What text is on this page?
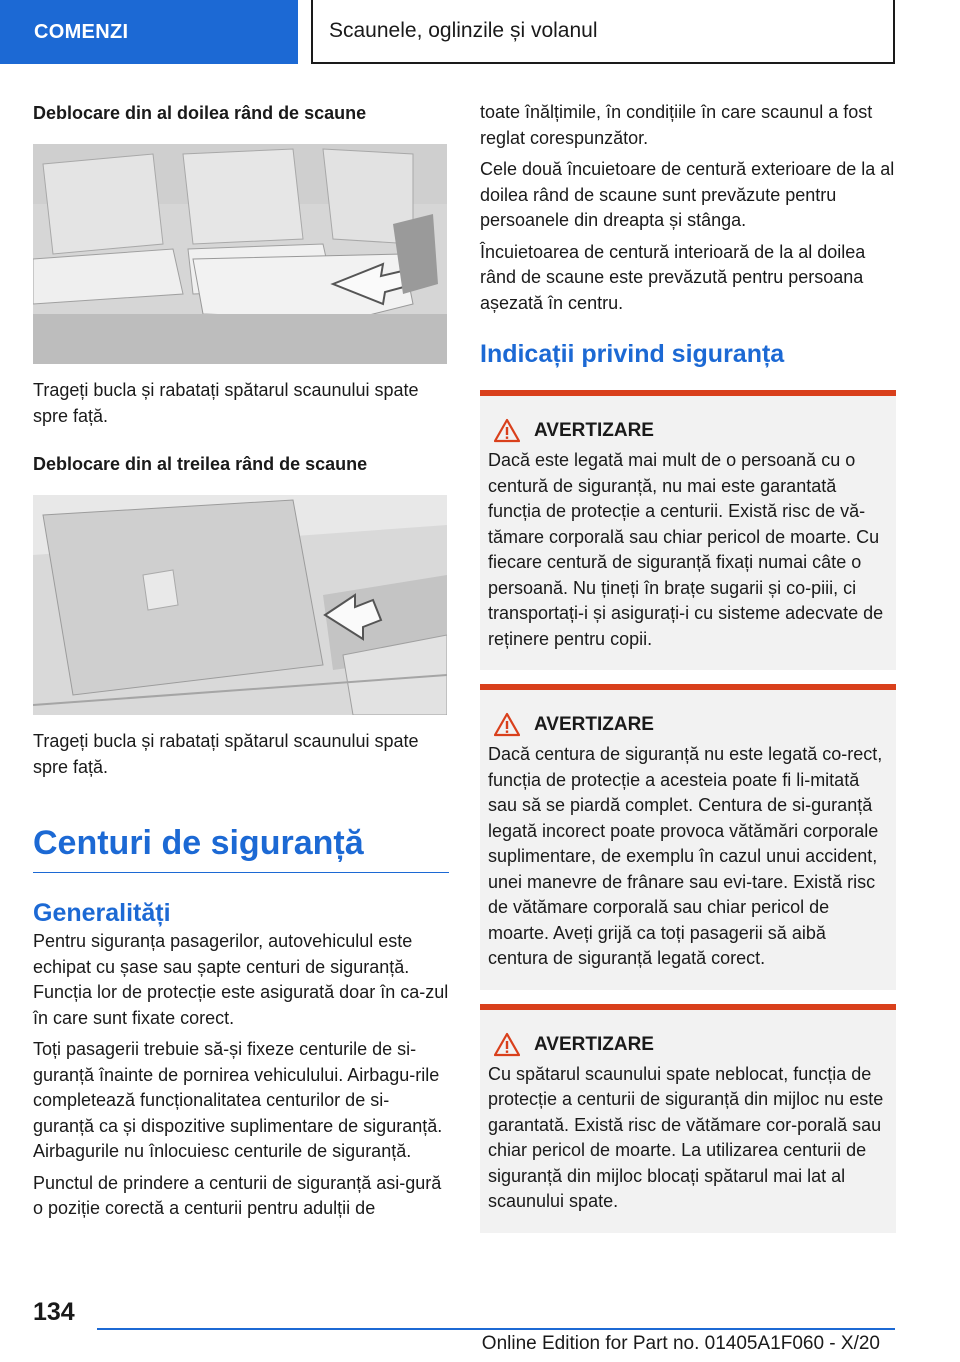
COMENZI	Scaunele, oglinzile și volanul
Deblocare din al doilea rând de scaune
Trageți bucla și rabatați spătarul scaunului spate spre față.
Deblocare din al treilea rând de scaune
Trageți bucla și rabatați spătarul scaunului spate spre față.
Centuri de siguranță
Generalități
Pentru siguranța pasagerilor, autovehiculul este echipat cu șase sau șapte centuri de siguranță. Funcția lor de protecție este asigurată doar în ca-zul în care sunt fixate corect.
Toți pasagerii trebuie să-și fixeze centurile de si-guranță înainte de pornirea vehiculului. Airbagu-rile completează funcționalitatea centurilor de si-guranță ca și dispozitive suplimentare de siguranță. Airbagurile nu înlocuiesc centurile de siguranță.
Punctul de prindere a centurii de siguranță asi-gură o poziție corectă a centurii pentru adulții de
toate înălțimile, în condițiile în care scaunul a fost reglat corespunzător.
Cele două încuietoare de centură exterioare de la al doilea rând de scaune sunt prevăzute pentru persoanele din dreapta și stânga.
Încuietoarea de centură interioară de la al doilea rând de scaune este prevăzută pentru persoana așezată în centru.
Indicații privind siguranța
AVERTIZARE
Dacă este legată mai mult de o persoană cu o centură de siguranță, nu mai este garantată funcția de protecție a centurii. Există risc de vă-tămare corporală sau chiar pericol de moarte. Cu fiecare centură de siguranță fixați numai câte o persoană. Nu țineți în brațe sugarii și co-piii, ci transportați-i și asigurați-i cu sisteme adecvate de reținere pentru copii.
AVERTIZARE
Dacă centura de siguranță nu este legată co-rect, funcția de protecție a acesteia poate fi li-mitată sau să se piardă complet. Centura de si-guranță legată incorect poate provoca vătămări corporale suplimentare, de exemplu în cazul unui accident, unei manevre de frânare sau evi-tare. Există risc de vătămare corporală sau chiar pericol de moarte. Aveți grijă ca toți pasagerii să aibă centura de siguranță legată corect.
AVERTIZARE
Cu spătarul scaunului spate neblocat, funcția de protecție a centurii de siguranță din mijloc nu este garantată. Există risc de vătămare cor-porală sau chiar pericol de moarte. La utilizarea centurii de siguranță din mijloc blocați spătarul mai lat al scaunului spate.
134
Online Edition for Part no. 01405A1F060 - X/20
